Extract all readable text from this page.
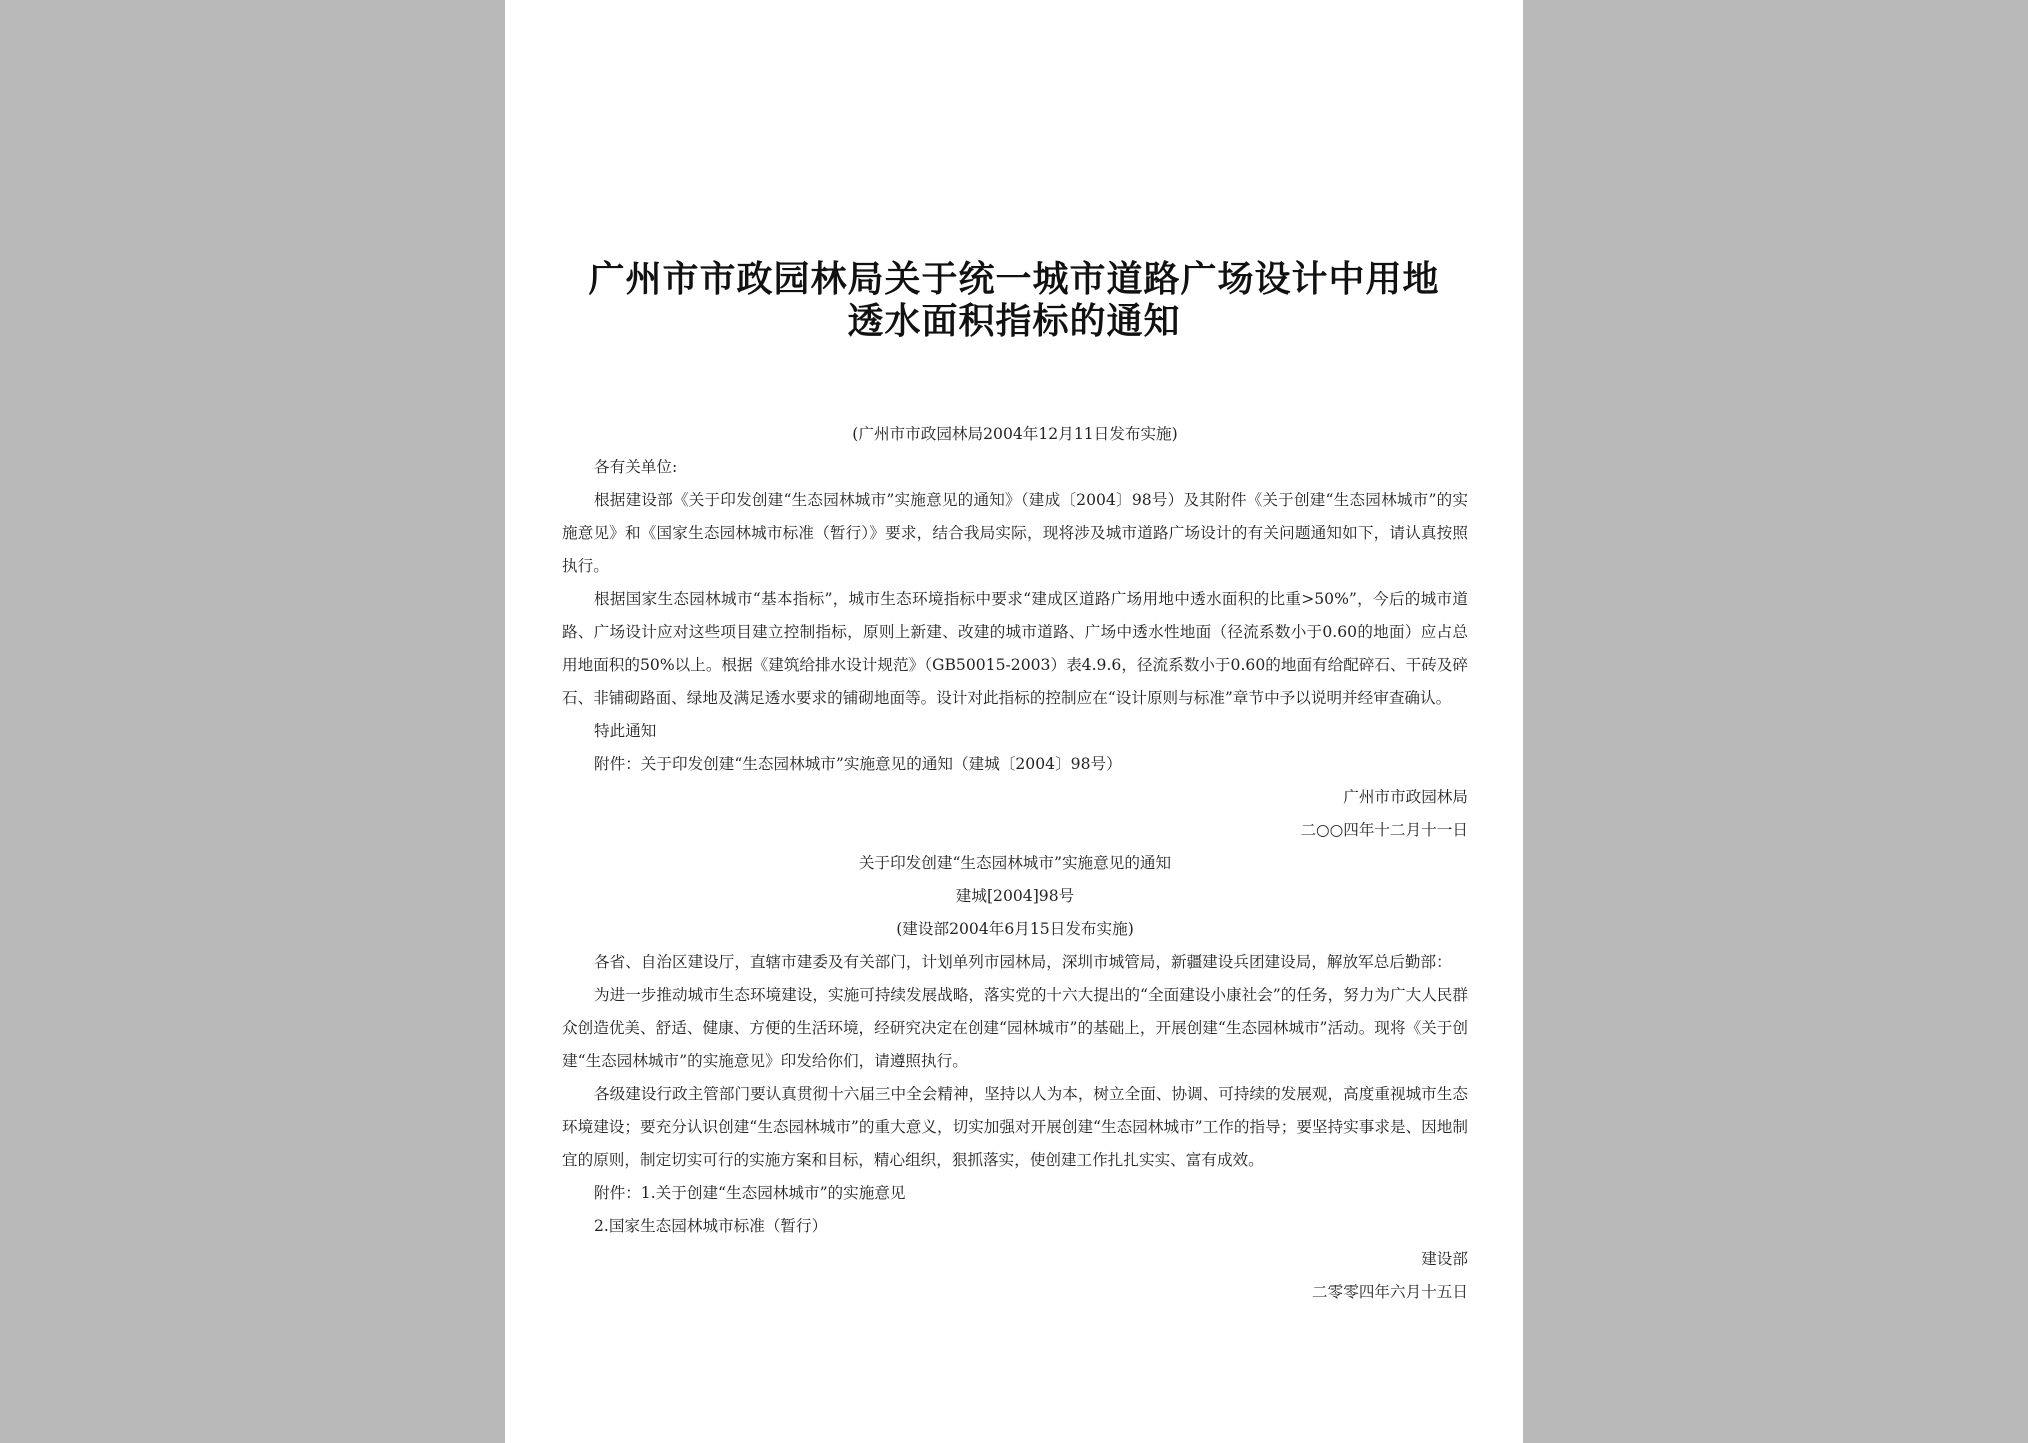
广州市市政园林局关于统一城市道路广场设计中用地
透水面积指标的通知

(广州市市政园林局2004年12月11日发布实施)

各有关单位:

根据建设部《关于印发创建“生态园林城市”实施意见的通知》（建成〔2004〕98号）及其附件《关于创建“生态园林城市”的实施意见》和《国家生态园林城市标准（暂行）》要求，结合我局实际，现将涉及城市道路广场设计的有关问题通知如下，请认真按照执行。

根据国家生态园林城市“基本指标”，城市生态环境指标中要求“建成区道路广场用地中透水面积的比重>50%”，今后的城市道路、广场设计应对这些项目建立控制指标，原则上新建、改建的城市道路、广场中透水性地面（径流系数小于0.60的地面）应占总用地面积的50%以上。根据《建筑给排水设计规范》（GB50015-2003）表4.9.6，径流系数小于0.60的地面有给配碎石、干砖及碎石、非铺砌路面、绿地及满足透水要求的铺砌地面等。设计对此指标的控制应在“设计原则与标准”章节中予以说明并经审查确认。

特此通知

附件：关于印发创建“生态园林城市”实施意见的通知（建城〔2004〕98号）

广州市市政园林局

二○○四年十二月十一日

关于印发创建“生态园林城市”实施意见的通知

建城[2004]98号

(建设部2004年6月15日发布实施)

各省、自治区建设厅，直辖市建委及有关部门，计划单列市园林局，深圳市城管局，新疆建设兵团建设局，解放军总后勤部：

为进一步推动城市生态环境建设，实施可持续发展战略，落实党的十六大提出的“全面建设小康社会”的任务，努力为广大人民群众创造优美、舒适、健康、方便的生活环境，经研究决定在创建“园林城市”的基础上，开展创建“生态园林城市”活动。现将《关于创建“生态园林城市”的实施意见》印发给你们，请遵照执行。

各级建设行政主管部门要认真贯彻十六届三中全会精神，坚持以人为本，树立全面、协调、可持续的发展观，高度重视城市生态环境建设；要充分认识创建“生态园林城市”的重大意义，切实加强对开展创建“生态园林城市”工作的指导；要坚持实事求是、因地制宜的原则，制定切实可行的实施方案和目标，精心组织，狠抓落实，使创建工作扎扎实实、富有成效。

附件：1.关于创建“生态园林城市”的实施意见

2.国家生态园林城市标准（暂行）

建设部

二零零四年六月十五日
